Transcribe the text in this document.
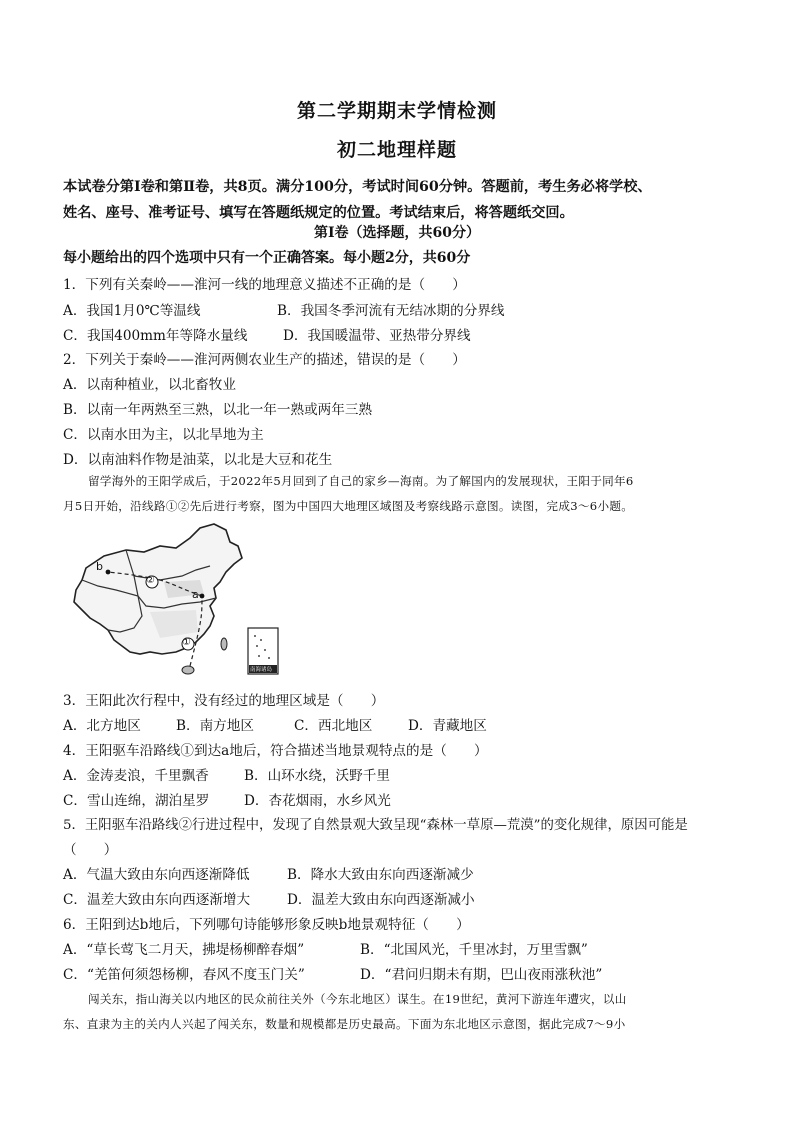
第二学期期末学情检测
初二地理样题
本试卷分第Ⅰ卷和第Ⅱ卷，共8页。满分100分，考试时间60分钟。答题前，考生务必将学校、
姓名、座号、准考证号、填写在答题纸规定的位置。考试结束后，将答题纸交回。
第Ⅰ卷（选择题，共60分）
每小题给出的四个选项中只有一个正确答案。每小题2分，共60分
1．下列有关秦岭——淮河一线的地理意义描述不正确的是（　　）
A．我国1月0℃等温线	B．我国冬季河流有无结冰期的分界线
C．我国400mm年等降水量线	D．我国暖温带、亚热带分界线
2．下列关于秦岭——淮河两侧农业生产的描述，错误的是（　　）
A．以南种植业，以北畜牧业
B．以南一年两熟至三熟，以北一年一熟或两年三熟
C．以南水田为主，以北旱地为主
D．以南油料作物是油菜，以北是大豆和花生
留学海外的王阳学成后，于2022年5月回到了自己的家乡—海南。为了解国内的发展现状，王阳于同年6
月5日开始，沿线路①②先后进行考察，图为中国四大地理区域图及考察线路示意图。读图，完成3～6小题。
a
b
②
①
南海诸岛
3．王阳此次行程中，没有经过的地理区域是（　　）
A．北方地区	B．南方地区	C．西北地区	D．青藏地区
4．王阳驱车沿路线①到达a地后，符合描述当地景观特点的是（　　）
A．金涛麦浪，千里飘香	B．山环水绕，沃野千里
C．雪山连绵，湖泊星罗	D．杏花烟雨，水乡风光
5．王阳驱车沿路线②行进过程中，发现了自然景观大致呈现“森林一草原—荒漠”的变化规律，原因可能是
（　　）
A．气温大致由东向西逐渐降低	B．降水大致由东向西逐渐减少
C．温差大致由东向西逐渐增大	D．温差大致由东向西逐渐减小
6．王阳到达b地后，下列哪句诗能够形象反映b地景观特征（　　）
A．“草长莺飞二月天，拂堤杨柳醉春烟”	B．“北国风光，千里冰封，万里雪飘”
C．“羌笛何须怨杨柳，春风不度玉门关”	D．“君问归期未有期，巴山夜雨涨秋池”
闯关东，指山海关以内地区的民众前往关外（今东北地区）谋生。在19世纪，黄河下游连年遭灾，以山
东、直隶为主的关内人兴起了闯关东，数量和规模都是历史最高。下面为东北地区示意图，据此完成7～9小
